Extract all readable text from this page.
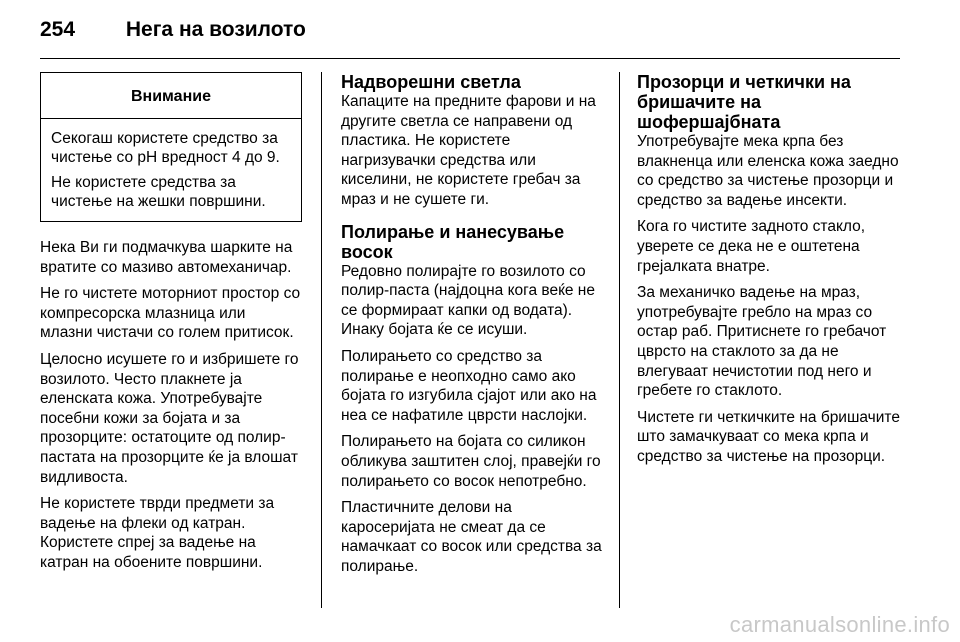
254 Нега на возилото
Внимание

Секогаш користете средство за чистење со pH вредност 4 до 9.

Не користете средства за чистење на жешки површини.

Нека Ви ги подмачкува шарките на вратите со мазиво автомеханичар.

Не го чистете моторниот простор со компресорска млазница или млазни чистачи со голем притисок.

Целосно исушете го и избришете го возилото. Често плакнете ја еленската кожа. Употребувајте посебни кожи за бојата и за прозорците: остатоците од полир-пастата на прозорците ќе ја влошат видливоста.

Не користете тврди предмети за вадење на флеки од катран. Користете спреј за вадење на катран на обоените површини.

Надворешни светла

Капаците на предните фарови и на другите светла се направени од пластика. Не користете нагризувачки средства или киселини, не користете гребач за мраз и не сушете ги.

Полирање и нанесување восок

Редовно полирајте го возилото со полир-паста (најдоцна кога веќе не се формираат капки од водата). Инаку бојата ќе се исуши.

Полирањето со средство за полирање е неопходно само ако бојата го изгубила сјајот или ако на неа се нафатиле цврсти наслојки.

Полирањето на бојата со силикон обликува заштитен слој, правејќи го полирањето со восок непотребно.

Пластичните делови на каросеријата не смеат да се намачкаат со восок или средства за полирање.

Прозорци и четкички на бришачите на шофершајбната

Употребувајте мека крпа без влакненца или еленска кожа заедно со средство за чистење прозорци и средство за вадење инсекти.

Кога го чистите задното стакло, уверете се дека не е оштетена грејалката внатре.

За механичко вадење на мраз, употребувајте гребло на мраз со остар раб. Притиснете го гребачот цврсто на стаклото за да не влегуваат нечистотии под него и гребете го стаклото.

Чистете ги четкичките на бришачите што замачкуваат со мека крпа и средство за чистење на прозорци.

carmanualsonline.info
